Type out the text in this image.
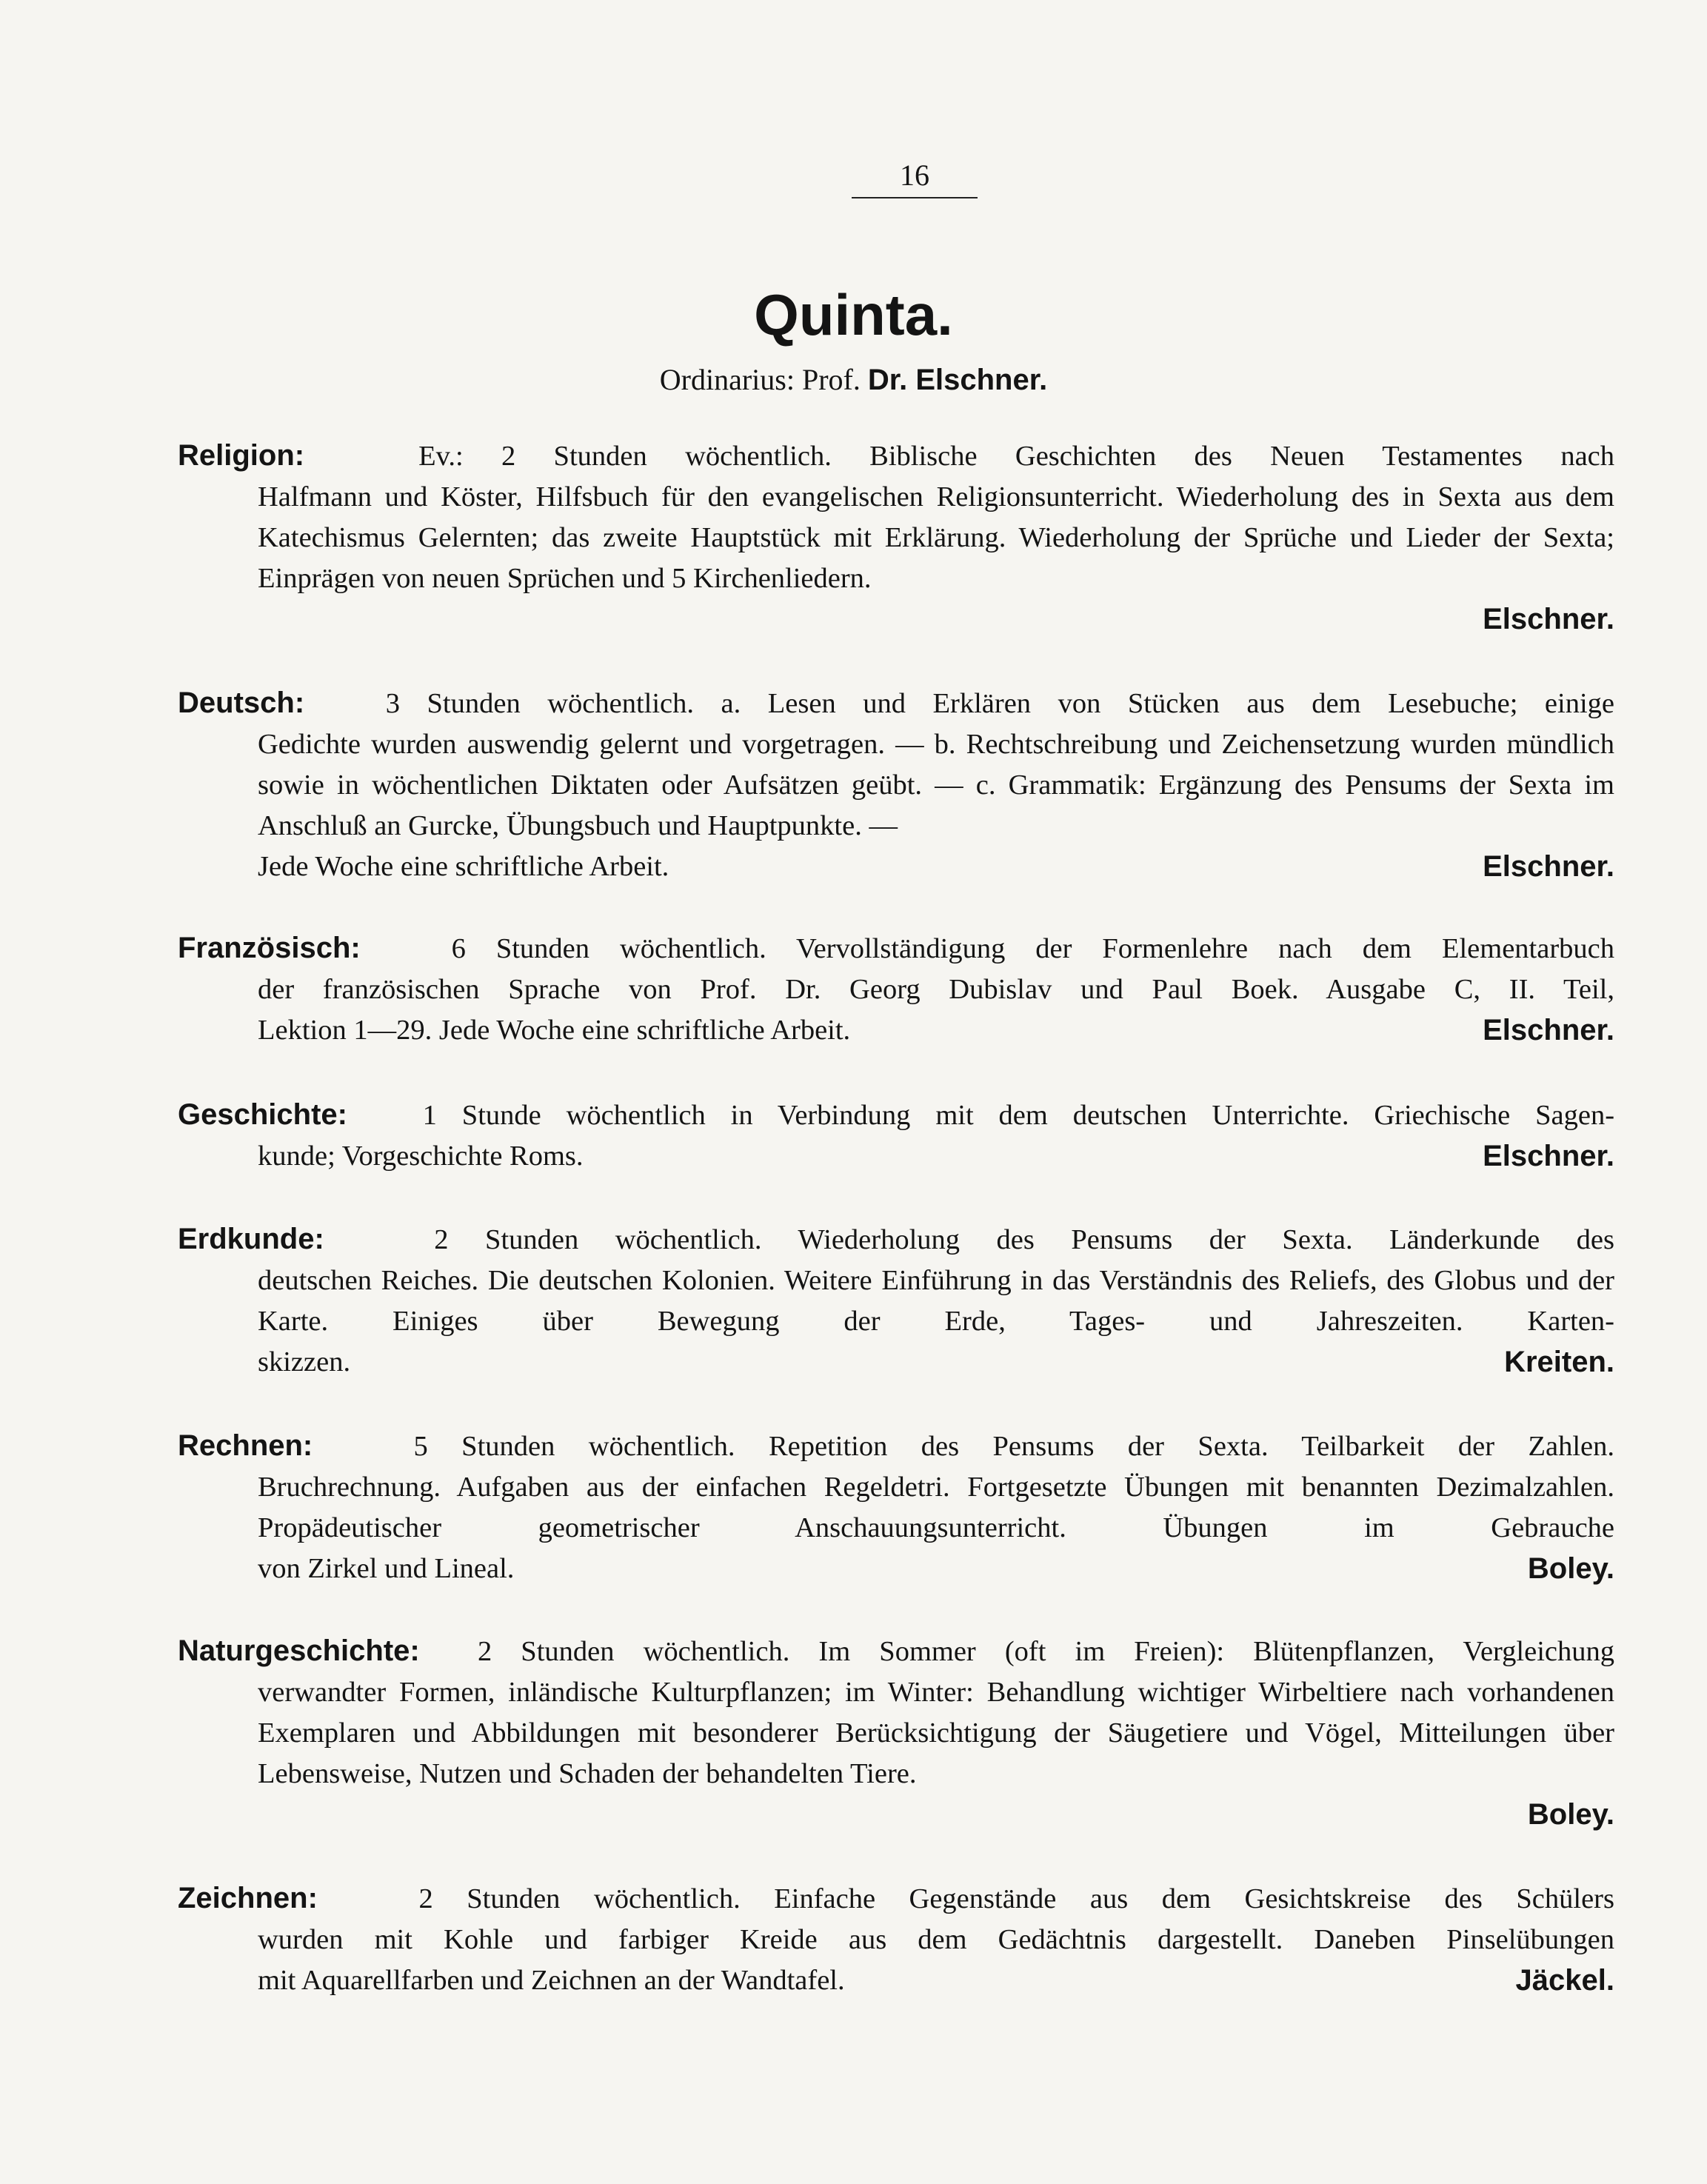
16
Quinta.
Ordinarius: Prof. Dr. Elschner.
Religion:	Ev.: 2 Stunden wöchentlich. Biblische Geschichten des Neuen Testamentes nach
Halfmann und Köster, Hilfsbuch für den evangelischen Religionsunterricht. Wiederholung des in Sexta aus dem Katechismus Gelernten; das zweite Hauptstück mit Erklärung. Wiederholung der Sprüche und Lieder der Sexta; Einprägen von neuen Sprüchen und 5 Kirchenliedern.
Elschner.
Deutsch:	3 Stunden wöchentlich. a. Lesen und Erklären von Stücken aus dem Lesebuche; einige
Gedichte wurden auswendig gelernt und vorgetragen. — b. Rechtschreibung und Zeichensetzung wurden mündlich sowie in wöchentlichen Diktaten oder Aufsätzen geübt. — c. Grammatik: Ergänzung des Pensums der Sexta im Anschluß an Gurcke, Übungsbuch und Hauptpunkte. —
Jede Woche eine schriftliche Arbeit.	Elschner.
Französisch:	6 Stunden wöchentlich. Vervollständigung der Formenlehre nach dem Elementarbuch
der französischen Sprache von Prof. Dr. Georg Dubislav und Paul Boek. Ausgabe C, II. Teil,
Lektion 1—29. Jede Woche eine schriftliche Arbeit.	Elschner.
Geschichte:	1 Stunde wöchentlich in Verbindung mit dem deutschen Unterrichte. Griechische Sagen-
kunde; Vorgeschichte Roms.	Elschner.
Erdkunde:	2 Stunden wöchentlich. Wiederholung des Pensums der Sexta. Länderkunde des
deutschen Reiches. Die deutschen Kolonien. Weitere Einführung in das Verständnis des Reliefs, des Globus und der Karte. Einiges über Bewegung der Erde, Tages- und Jahreszeiten. Karten-
skizzen.	Kreiten.
Rechnen:	5 Stunden wöchentlich. Repetition des Pensums der Sexta. Teilbarkeit der Zahlen.
Bruchrechnung. Aufgaben aus der einfachen Regeldetri. Fortgesetzte Übungen mit benannten Dezimalzahlen. Propädeutischer geometrischer Anschauungsunterricht. Übungen im Gebrauche
von Zirkel und Lineal.	Boley.
Naturgeschichte: 2 Stunden wöchentlich. Im Sommer (oft im Freien): Blütenpflanzen, Vergleichung
verwandter Formen, inländische Kulturpflanzen; im Winter: Behandlung wichtiger Wirbeltiere nach vorhandenen Exemplaren und Abbildungen mit besonderer Berücksichtigung der Säugetiere und Vögel, Mitteilungen über Lebensweise, Nutzen und Schaden der behandelten Tiere.
Boley.
Zeichnen:	2 Stunden wöchentlich. Einfache Gegenstände aus dem Gesichtskreise des Schülers
wurden mit Kohle und farbiger Kreide aus dem Gedächtnis dargestellt. Daneben Pinselübungen
mit Aquarellfarben und Zeichnen an der Wandtafel.	Jäckel.
